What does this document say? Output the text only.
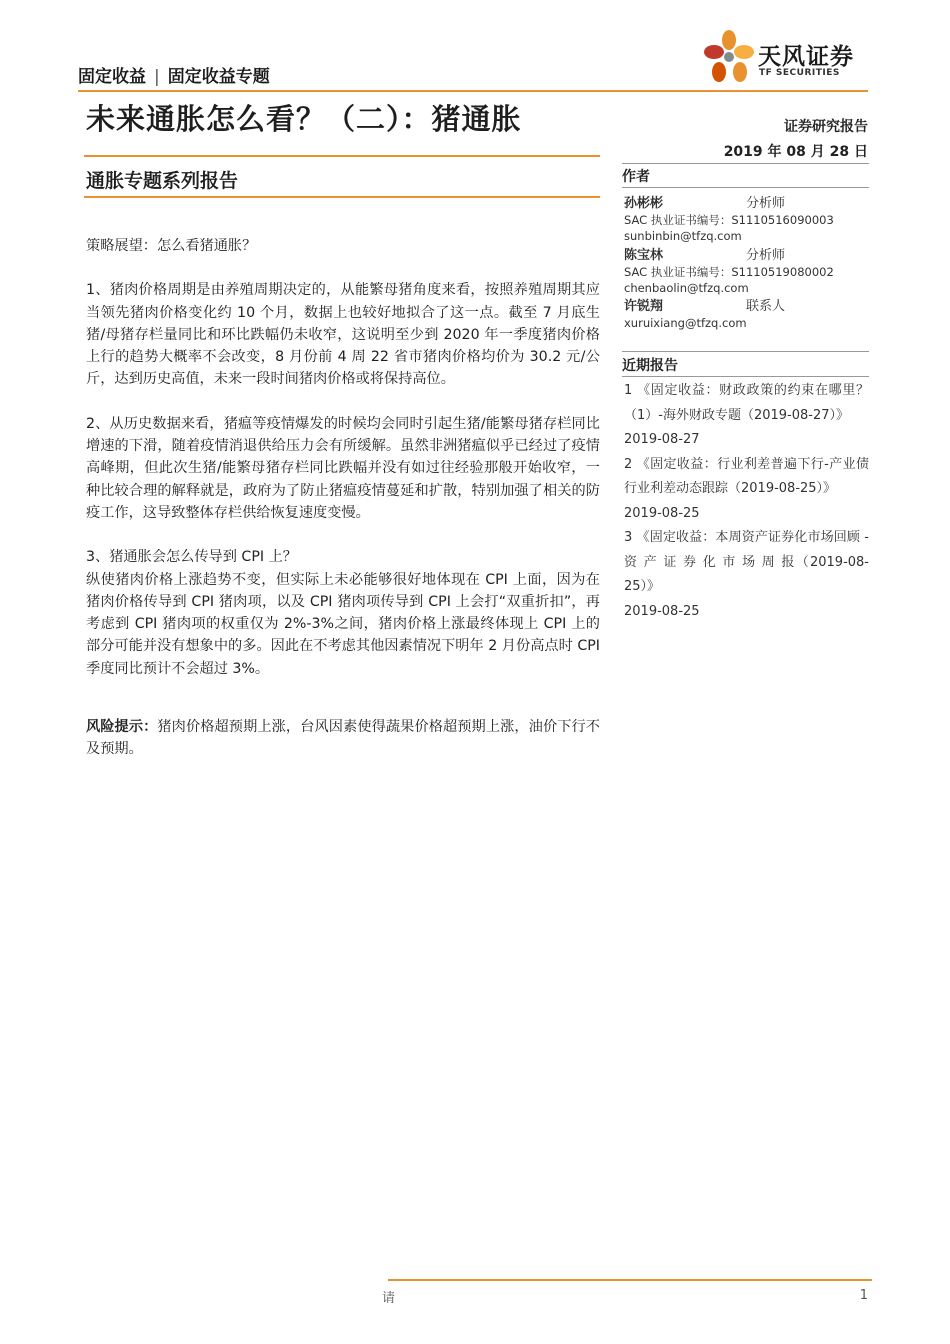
固定收益 | 固定收益专题
天风证券
TF SECURITIES
未来通胀怎么看？（二）：猪通胀	证券研究报告
2019 年 08 月 28 日
通胀专题系列报告

策略展望：怎么看猪通胀？

1、猪肉价格周期是由养殖周期决定的，从能繁母猪角度来看，按照养殖周期其应当领先猪肉价格变化约 10 个月，数据上也较好地拟合了这一点。截至 7 月底生猪/母猪存栏量同比和环比跌幅仍未收窄，这说明至少到 2020 年一季度猪肉价格上行的趋势大概率不会改变，8 月份前 4 周 22 省市猪肉价格均价为 30.2 元/公斤，达到历史高值，未来一段时间猪肉价格或将保持高位。

2、从历史数据来看，猪瘟等疫情爆发的时候均会同时引起生猪/能繁母猪存栏同比增速的下滑，随着疫情消退供给压力会有所缓解。虽然非洲猪瘟似乎已经过了疫情高峰期，但此次生猪/能繁母猪存栏同比跌幅并没有如过往经验那般开始收窄，一种比较合理的解释就是，政府为了防止猪瘟疫情蔓延和扩散，特别加强了相关的防疫工作，这导致整体存栏供给恢复速度变慢。

3、猪通胀会怎么传导到 CPI 上？

纵使猪肉价格上涨趋势不变，但实际上未必能够很好地体现在 CPI 上面，因为在猪肉价格传导到 CPI 猪肉项，以及 CPI 猪肉项传导到 CPI 上会打“双重折扣”，再考虑到 CPI 猪肉项的权重仅为 2%-3%之间，猪肉价格上涨最终体现上 CPI 上的部分可能并没有想象中的多。因此在不考虑其他因素情况下明年 2 月份高点时 CPI 季度同比预计不会超过 3%。

风险提示：猪肉价格超预期上涨，台风因素使得蔬果价格超预期上涨，油价下行不及预期。

作者
孙彬彬	分析师
SAC 执业证书编号：S1110516090003
sunbinbin@tfzq.com
陈宝林	分析师
SAC 执业证书编号：S1110519080002
chenbaolin@tfzq.com
许锐翔	联系人
xuruixiang@tfzq.com
近期报告
1 《固定收益：财政政策的约束在哪里？（1）-海外财政专题（2019-08-27）》
2019-08-27
2 《固定收益：行业利差普遍下行-产业债行业利差动态跟踪（2019-08-25）》
2019-08-25
3 《固定收益：本周资产证券化市场回顾 - 资 产 证 券 化 市 场 周 报（2019-08-25）》
2019-08-25
请	1
